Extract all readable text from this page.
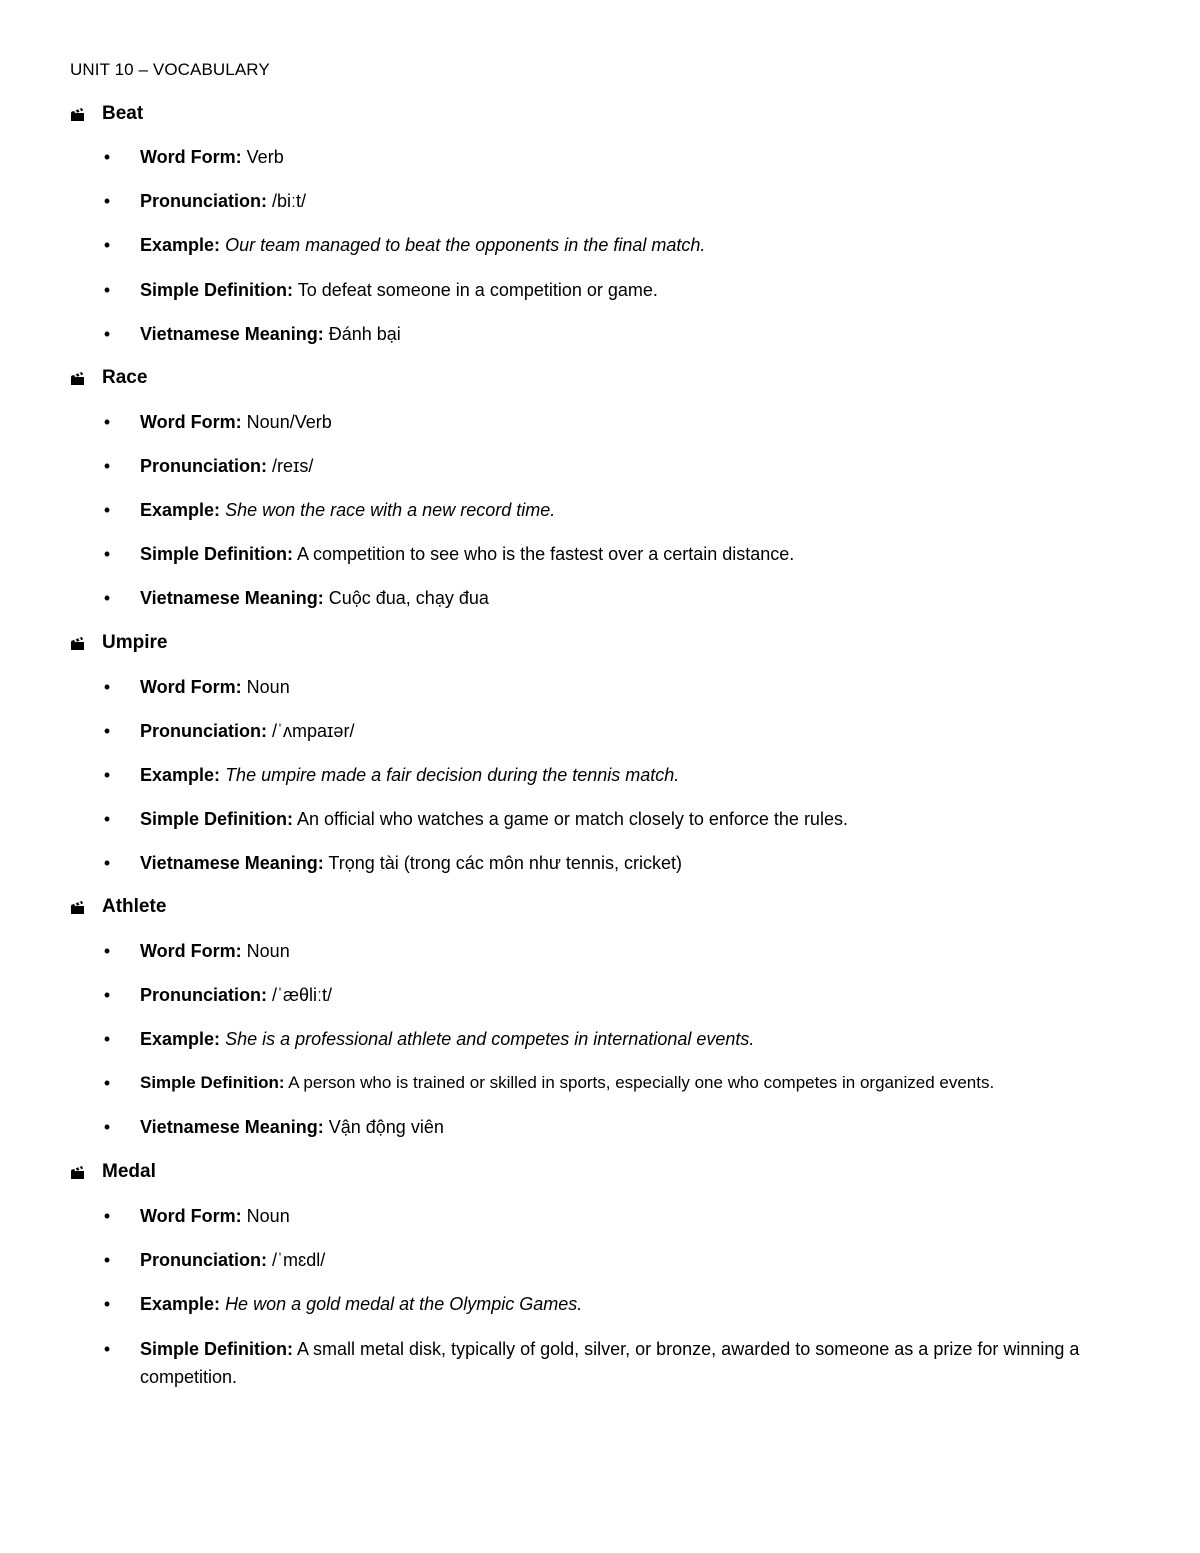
UNIT 10 – VOCABULARY
Beat
• Word Form: Verb
• Pronunciation: /biːt/
• Example: Our team managed to beat the opponents in the final match.
• Simple Definition: To defeat someone in a competition or game.
• Vietnamese Meaning: Đánh bại
Race
• Word Form: Noun/Verb
• Pronunciation: /reɪs/
• Example: She won the race with a new record time.
• Simple Definition: A competition to see who is the fastest over a certain distance.
• Vietnamese Meaning: Cuộc đua, chạy đua
Umpire
• Word Form: Noun
• Pronunciation: /ˈʌmpaɪər/
• Example: The umpire made a fair decision during the tennis match.
• Simple Definition: An official who watches a game or match closely to enforce the rules.
• Vietnamese Meaning: Trọng tài (trong các môn như tennis, cricket)
Athlete
• Word Form: Noun
• Pronunciation: /ˈæθliːt/
• Example: She is a professional athlete and competes in international events.
• Simple Definition: A person who is trained or skilled in sports, especially one who competes in organized events.
• Vietnamese Meaning: Vận động viên
Medal
• Word Form: Noun
• Pronunciation: /ˈmɛdl/
• Example: He won a gold medal at the Olympic Games.
• Simple Definition: A small metal disk, typically of gold, silver, or bronze, awarded to someone as a prize for winning a competition.
